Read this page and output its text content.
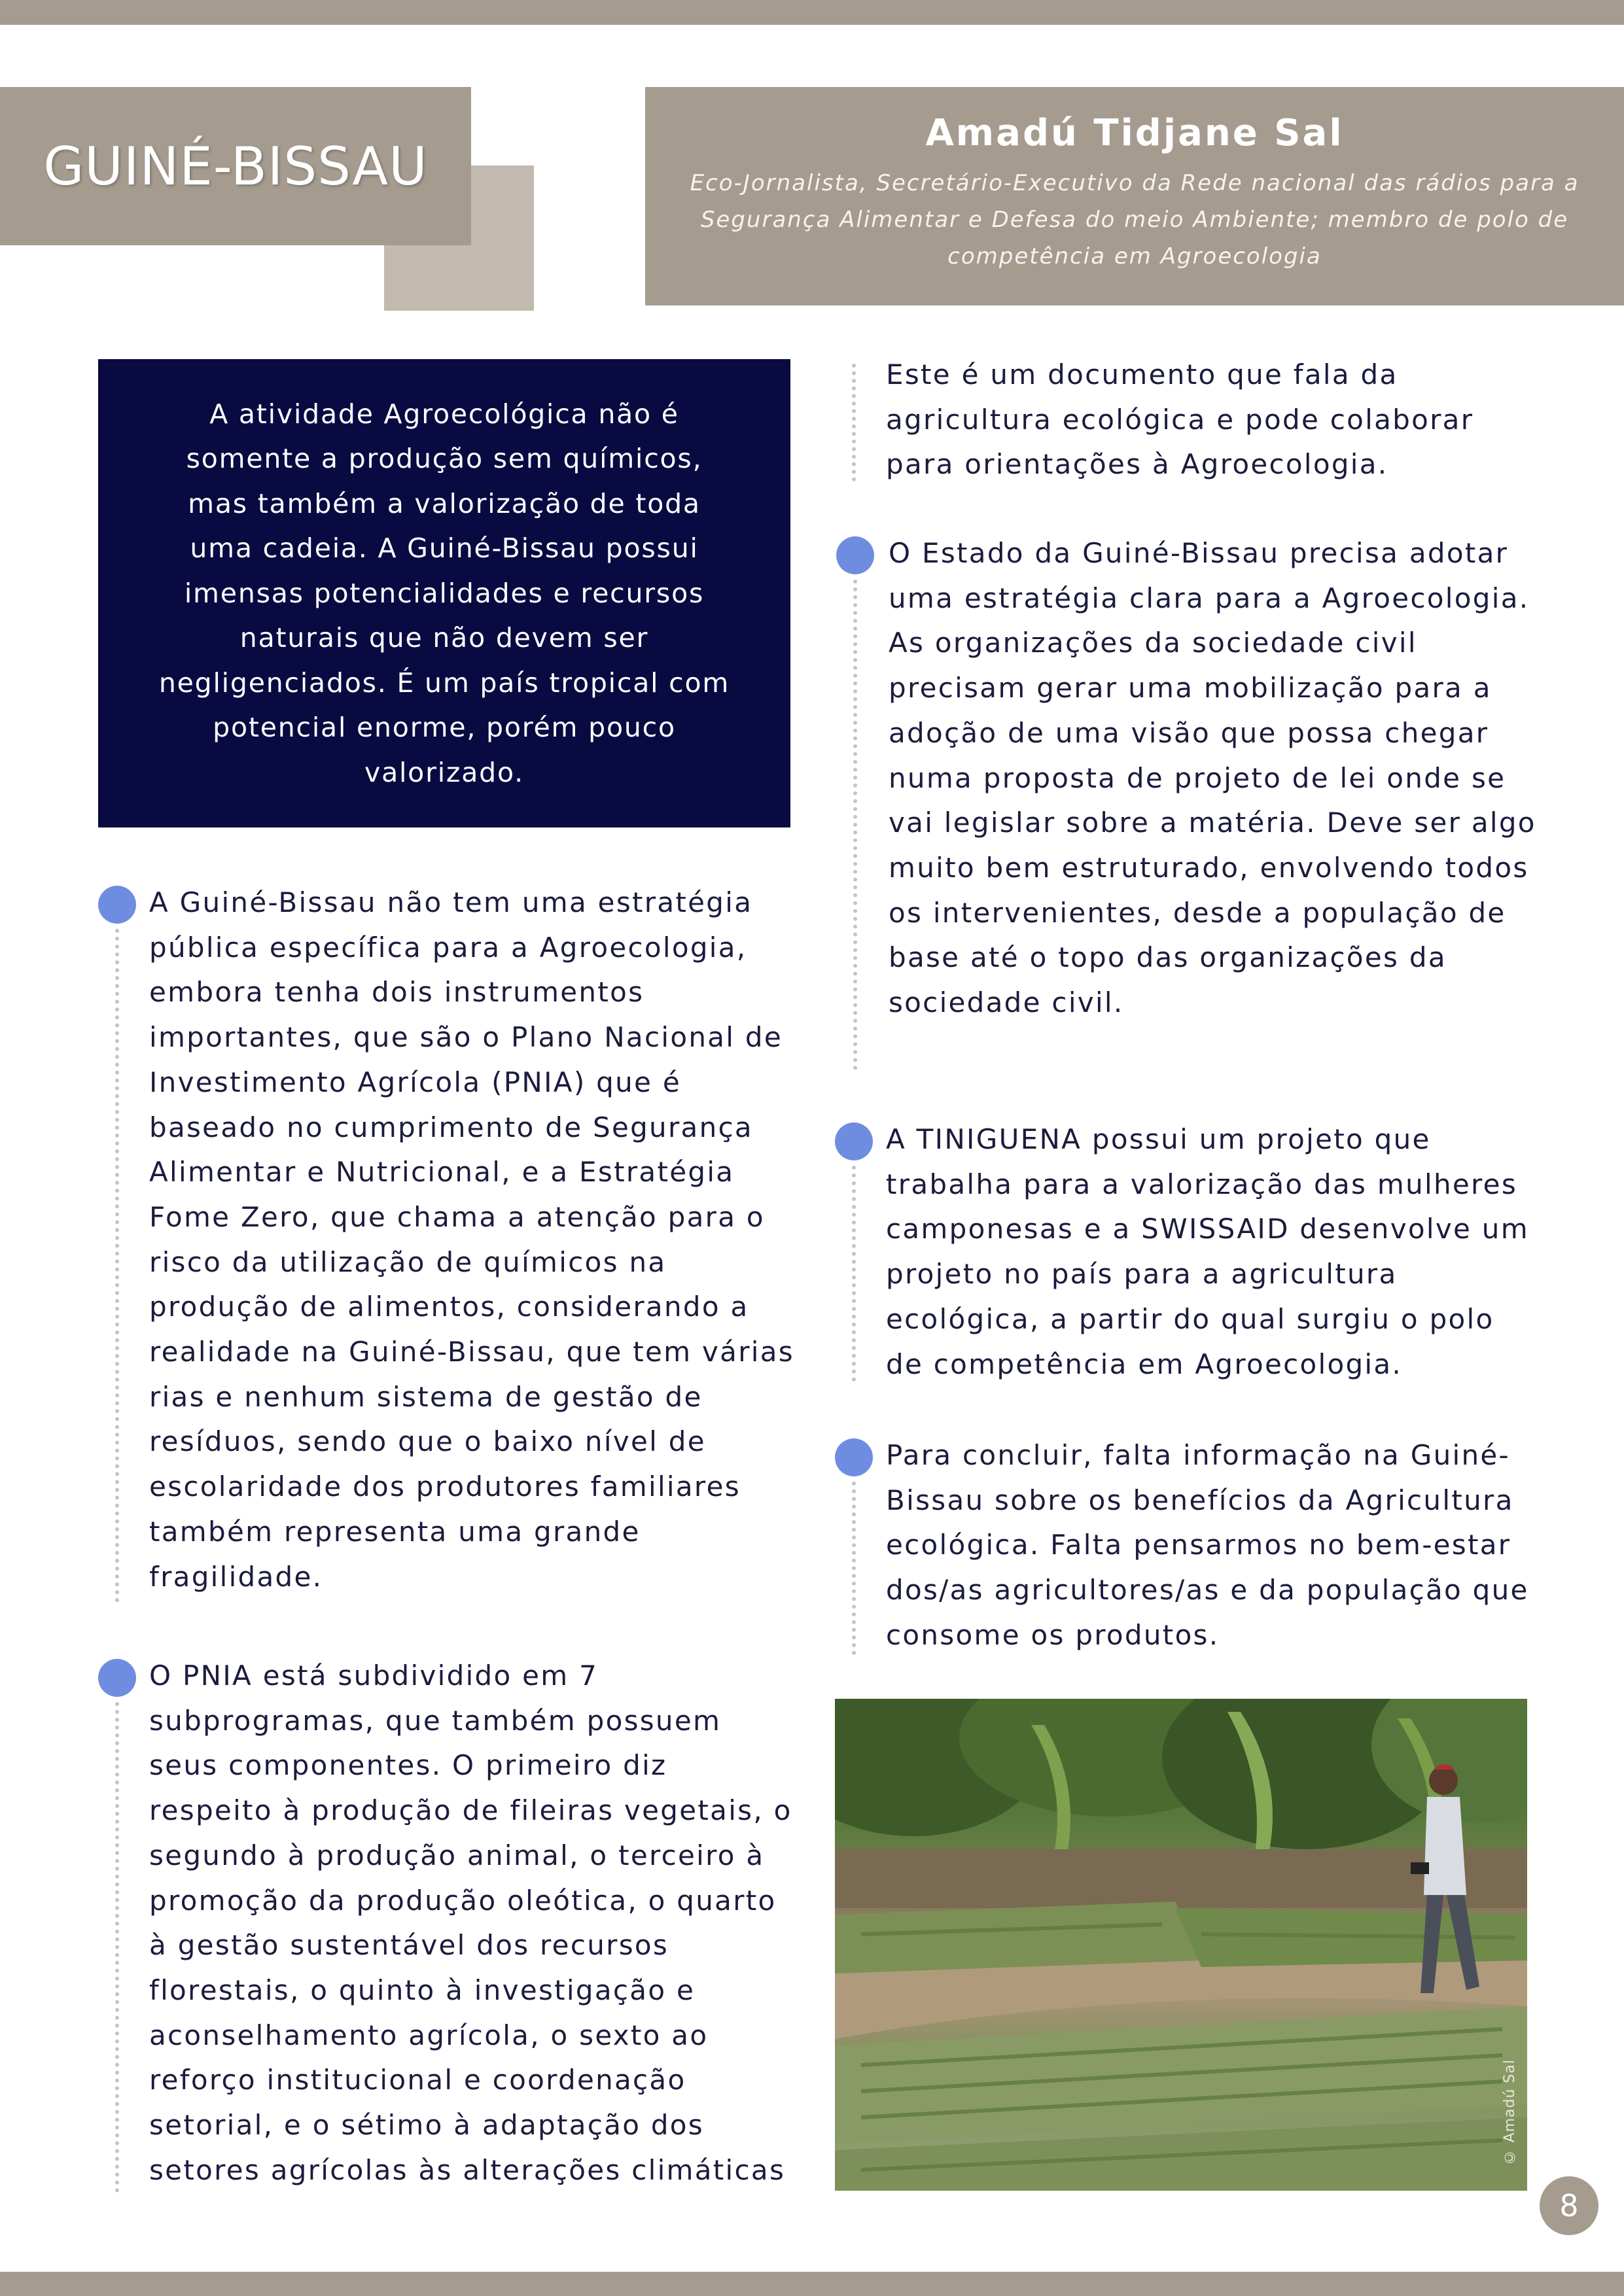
GUINÉ-BISSAU
Amadú Tidjane Sal
Eco-Jornalista, Secretário-Executivo da Rede nacional das rádios para a Segurança Alimentar e Defesa do meio Ambiente; membro de polo de competência em Agroecologia

A atividade Agroecológica não é somente a produção sem químicos, mas também a valorização de toda uma cadeia. A Guiné-Bissau possui imensas potencialidades e recursos naturais que não devem ser negligenciados. É um país tropical com potencial enorme, porém pouco valorizado.

A Guiné-Bissau não tem uma estratégia pública específica para a Agroecologia, embora tenha dois instrumentos importantes, que são o Plano Nacional de Investimento Agrícola (PNIA) que é baseado no cumprimento de Segurança Alimentar e Nutricional, e a Estratégia Fome Zero, que chama a atenção para o risco da utilização de químicos na produção de alimentos, considerando a realidade na Guiné-Bissau, que tem várias rias e nenhum sistema de gestão de resíduos, sendo que o baixo nível de escolaridade dos produtores familiares também representa uma grande fragilidade.

O PNIA está subdividido em 7 subprogramas, que também possuem seus componentes. O primeiro diz respeito à produção de fileiras vegetais, o segundo à produção animal, o terceiro à promoção da produção oleótica, o quarto à gestão sustentável dos recursos florestais, o quinto à investigação e aconselhamento agrícola, o sexto ao reforço institucional e coordenação setorial, e o sétimo à adaptação dos setores agrícolas às alterações climáticas

Este é um documento que fala da agricultura ecológica e pode colaborar para orientações à Agroecologia.

O Estado da Guiné-Bissau precisa adotar uma estratégia clara para a Agroecologia. As organizações da sociedade civil precisam gerar uma mobilização para a adoção de uma visão que possa chegar numa proposta de projeto de lei onde se vai legislar sobre a matéria. Deve ser algo muito bem estruturado, envolvendo todos os intervenientes, desde a população de base até o topo das organizações da sociedade civil.

A TINIGUENA possui um projeto que trabalha para a valorização das mulheres camponesas e a SWISSAID desenvolve um projeto no país para a agricultura ecológica, a partir do qual surgiu o polo de competência em Agroecologia.

Para concluir, falta informação na Guiné-Bissau sobre os benefícios da Agricultura ecológica. Falta pensarmos no bem-estar dos/as agricultores/as e da população que consome os produtos.

© Amadú Sal
8
